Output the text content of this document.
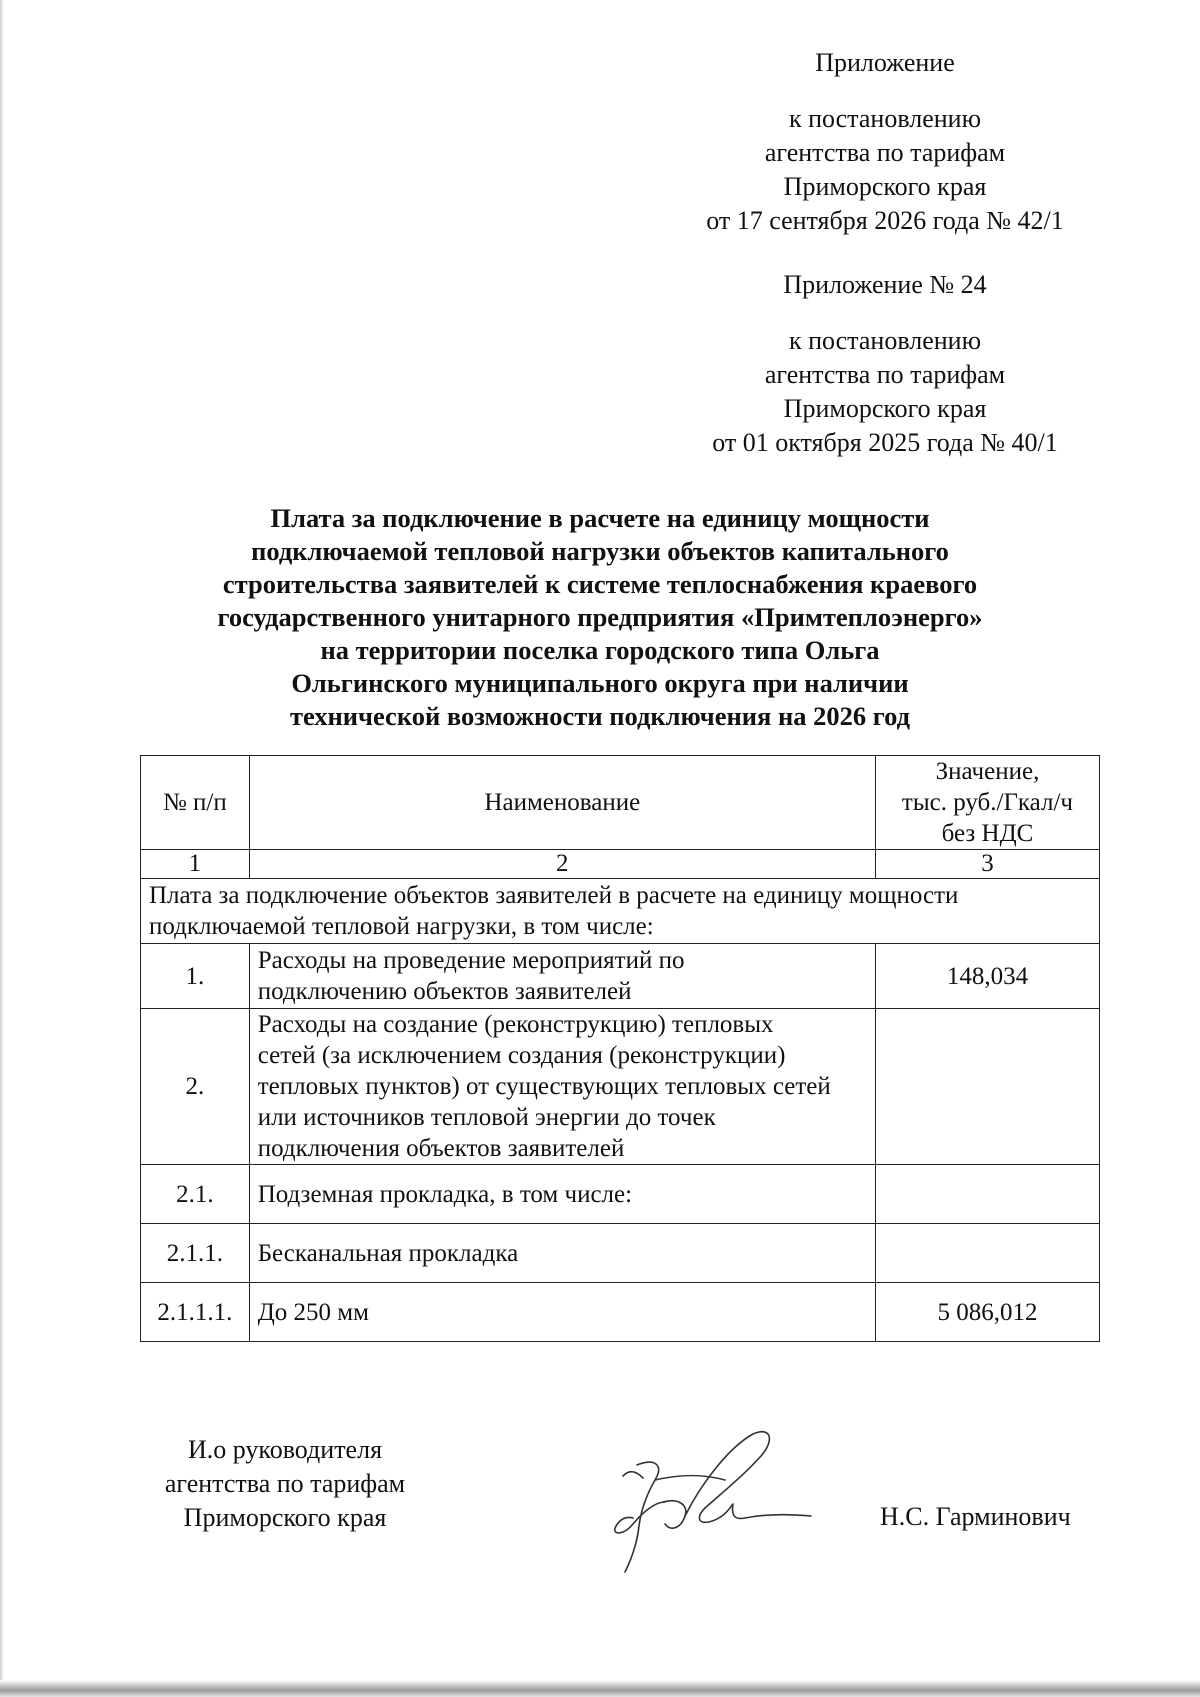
Приложение
к постановлению
агентства по тарифам
Приморского края
от 17 сентября 2026 года № 42/1
Приложение № 24
к постановлению
агентства по тарифам
Приморского края
от 01 октября 2025 года № 40/1
Плата за подключение в расчете на единицу мощности
подключаемой тепловой нагрузки объектов капитального
строительства заявителей к системе теплоснабжения краевого
государственного унитарного предприятия «Примтеплоэнерго»
на территории поселка городского типа Ольга
Ольгинского муниципального округа при наличии
технической возможности подключения на 2026 год
№ п/п	Наименование	Значение,
тыс. руб./Гкал/ч
без НДС

1	2	3

Плата за подключение объектов заявителей в расчете на единицу мощности
подключаемой тепловой нагрузки, в том числе:		

1.	Расходы на проведение мероприятий по
подключению объектов заявителей	148,034
2.	Расходы на создание (реконструкцию) тепловых
сетей (за исключением создания (реконструкции)
тепловых пунктов) от существующих тепловых сетей
или источников тепловой энергии до точек
подключения объектов заявителей	

2.1.	Подземная прокладка, в том числе:	

2.1.1.	Бесканальная прокладка	

2.1.1.1.	До 250 мм	5 086,012
И.о руководителя
агентства по тарифам
Приморского края	Н.С. Гарминович
